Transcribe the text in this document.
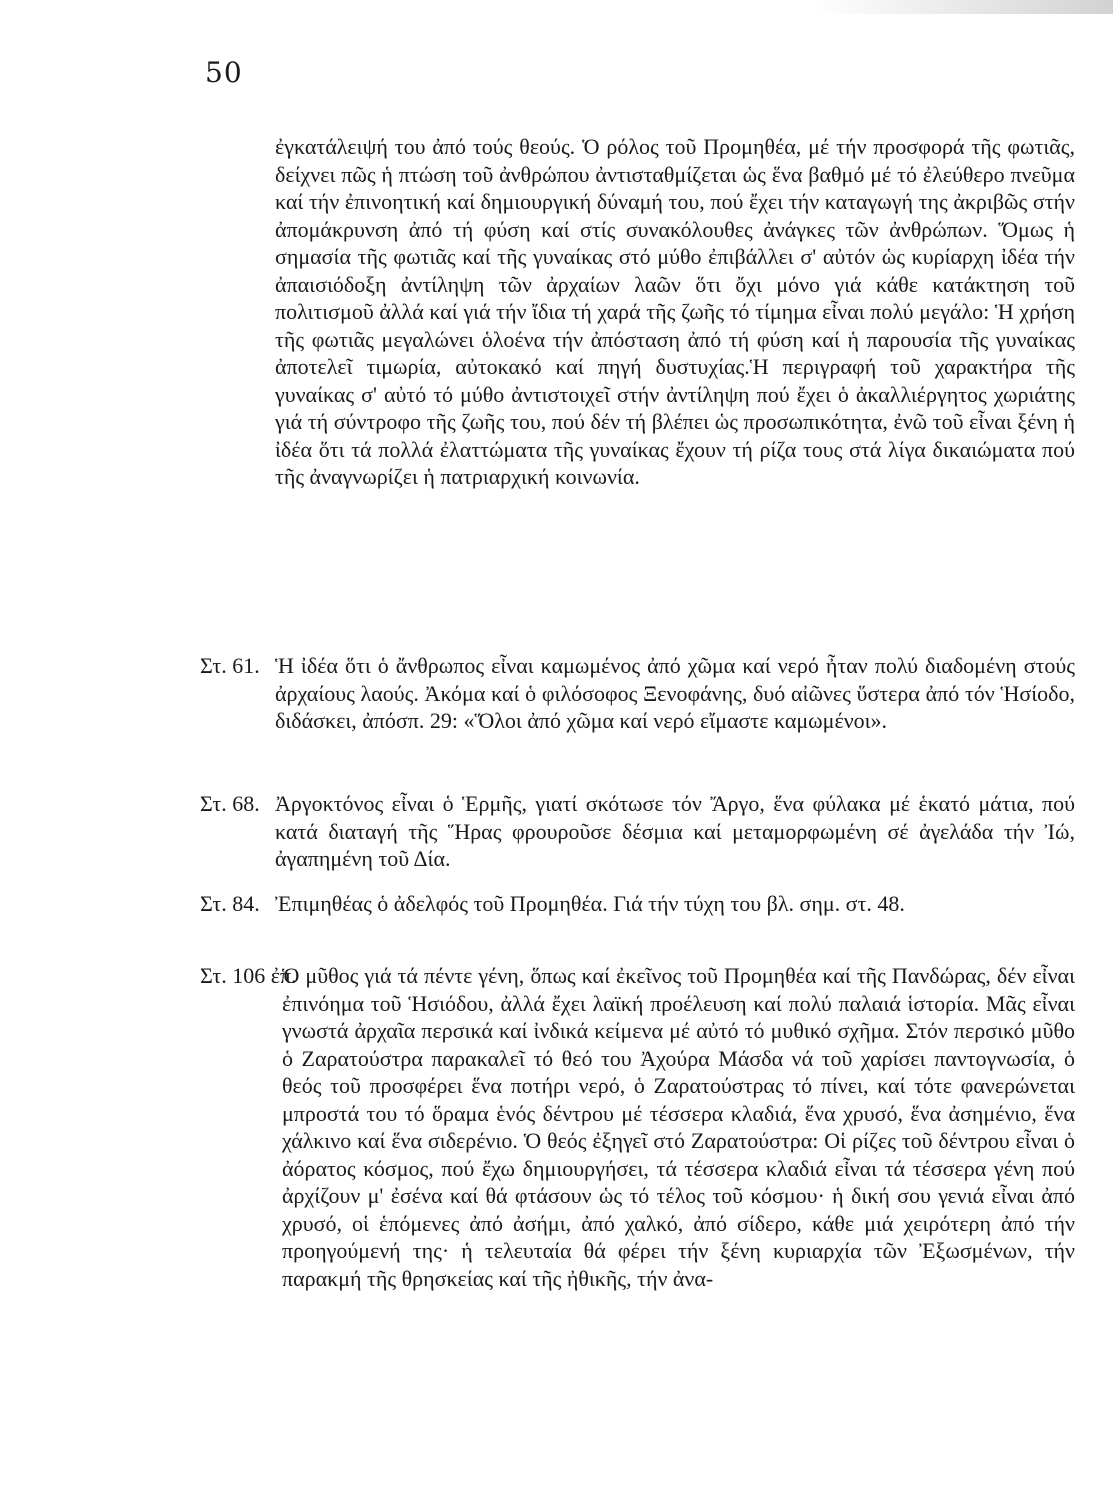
50
ἐγκατάλειψή του ἀπό τούς θεούς. Ὁ ρόλος τοῦ Προμηθέα, μέ τήν προσφορά τῆς φωτιᾶς, δείχνει πῶς ἡ πτώση τοῦ ἀνθρώπου ἀντισταθμίζεται ὡς ἕνα βαθμό μέ τό ἐλεύθερο πνεῦμα καί τήν ἐπινοητική καί δημιουργική δύναμή του, πού ἔχει τήν καταγωγή της ἀκριβῶς στήν ἀπομάκρυνση ἀπό τή φύση καί στίς συνακόλουθες ἀνάγκες τῶν ἀνθρώπων. Ὅμως ἡ σημασία τῆς φωτιᾶς καί τῆς γυναίκας στό μύθο ἐπιβάλλει σ' αὐτόν ὡς κυρίαρχη ἰδέα τήν ἀπαισιόδοξη ἀντίληψη τῶν ἀρχαίων λαῶν ὅτι ὄχι μόνο γιά κάθε κατάκτηση τοῦ πολιτισμοῦ ἀλλά καί γιά τήν ἴδια τή χαρά τῆς ζωῆς τό τίμημα εἶναι πολύ μεγάλο: Ἡ χρήση τῆς φωτιᾶς μεγαλώνει ὁλοένα τήν ἀπόσταση ἀπό τή φύση καί ἡ παρουσία τῆς γυναίκας ἀποτελεῖ τιμωρία, αὐτοκακό καί πηγή δυστυχίας.Ἡ περιγραφή τοῦ χαρακτήρα τῆς γυναίκας σ' αὐτό τό μύθο ἀντιστοιχεῖ στήν ἀντίληψη πού ἔχει ὁ ἀκαλλιέργητος χωριάτης γιά τή σύντροφο τῆς ζωῆς του, πού δέν τή βλέπει ὡς προσωπικότητα, ἐνῶ τοῦ εἶναι ξένη ἡ ἰδέα ὅτι τά πολλά ἐλαττώματα τῆς γυναίκας ἔχουν τή ρίζα τους στά λίγα δικαιώματα πού τῆς ἀναγνωρίζει ἡ πατριαρχική κοινωνία.
Στ. 61. Ἡ ἰδέα ὅτι ὁ ἄνθρωπος εἶναι καμωμένος ἀπό χῶμα καί νερό ἦταν πολύ διαδομένη στούς ἀρχαίους λαούς. Ἀκόμα καί ὁ φιλόσοφος Ξενοφάνης, δυό αἰῶνες ὕστερα ἀπό τόν Ἡσίοδο, διδάσκει, ἀπόσπ. 29: «Ὅλοι ἀπό χῶμα καί νερό εἴμαστε καμωμένοι».
Στ. 68. Ἀργοκτόνος εἶναι ὁ Ἑρμῆς, γιατί σκότωσε τόν Ἄργο, ἕνα φύλακα μέ ἑκατό μάτια, πού κατά διαταγή τῆς Ἥρας φρουροῦσε δέσμια καί μεταμορφωμένη σέ ἀγελάδα τήν Ἰώ, ἀγαπημένη τοῦ Δία.
Στ. 84. Ἐπιμηθέας ὁ ἀδελφός τοῦ Προμηθέα. Γιά τήν τύχη του βλ. σημ. στ. 48.
Στ. 106 ἐπ.
Ὁ μῦθος γιά τά πέντε γένη, ὅπως καί ἐκεῖνος τοῦ Προμηθέα καί τῆς Πανδώρας, δέν εἶναι ἐπινόημα τοῦ Ἡσιόδου, ἀλλά ἔχει λαϊκή προέλευση καί πολύ παλαιά ἱστορία. Μᾶς εἶναι γνωστά ἀρχαῖα περσικά καί ἰνδικά κείμενα μέ αὐτό τό μυθικό σχῆμα. Στόν περσικό μῦθο ὁ Ζαρατούστρα παρακαλεῖ τό θεό του Ἀχούρα Μάσδα νά τοῦ χαρίσει παντογνωσία, ὁ θεός τοῦ προσφέρει ἕνα ποτήρι νερό, ὁ Ζαρατούστρας τό πίνει, καί τότε φανερώνεται μπροστά του τό ὅραμα ἑνός δέντρου μέ τέσσερα κλαδιά, ἕνα χρυσό, ἕνα ἀσημένιο, ἕνα χάλκινο καί ἕνα σιδερένιο. Ὁ θεός ἐξηγεῖ στό Ζαρατούστρα: Οἱ ρίζες τοῦ δέντρου εἶναι ὁ ἀόρατος κόσμος, πού ἔχω δημιουργήσει, τά τέσσερα κλαδιά εἶναι τά τέσσερα γένη πού ἀρχίζουν μ' ἐσένα καί θά φτάσουν ὡς τό τέλος τοῦ κόσμου· ἡ δική σου γενιά εἶναι ἀπό χρυσό, οἱ ἑπόμενες ἀπό ἀσήμι, ἀπό χαλκό, ἀπό σίδερο, κάθε μιά χειρότερη ἀπό τήν προηγούμενή της· ἡ τελευταία θά φέρει τήν ξένη κυριαρχία τῶν Ἐξωσμένων, τήν παρακμή τῆς θρησκείας καί τῆς ἠθικῆς, τήν ἀνα-
